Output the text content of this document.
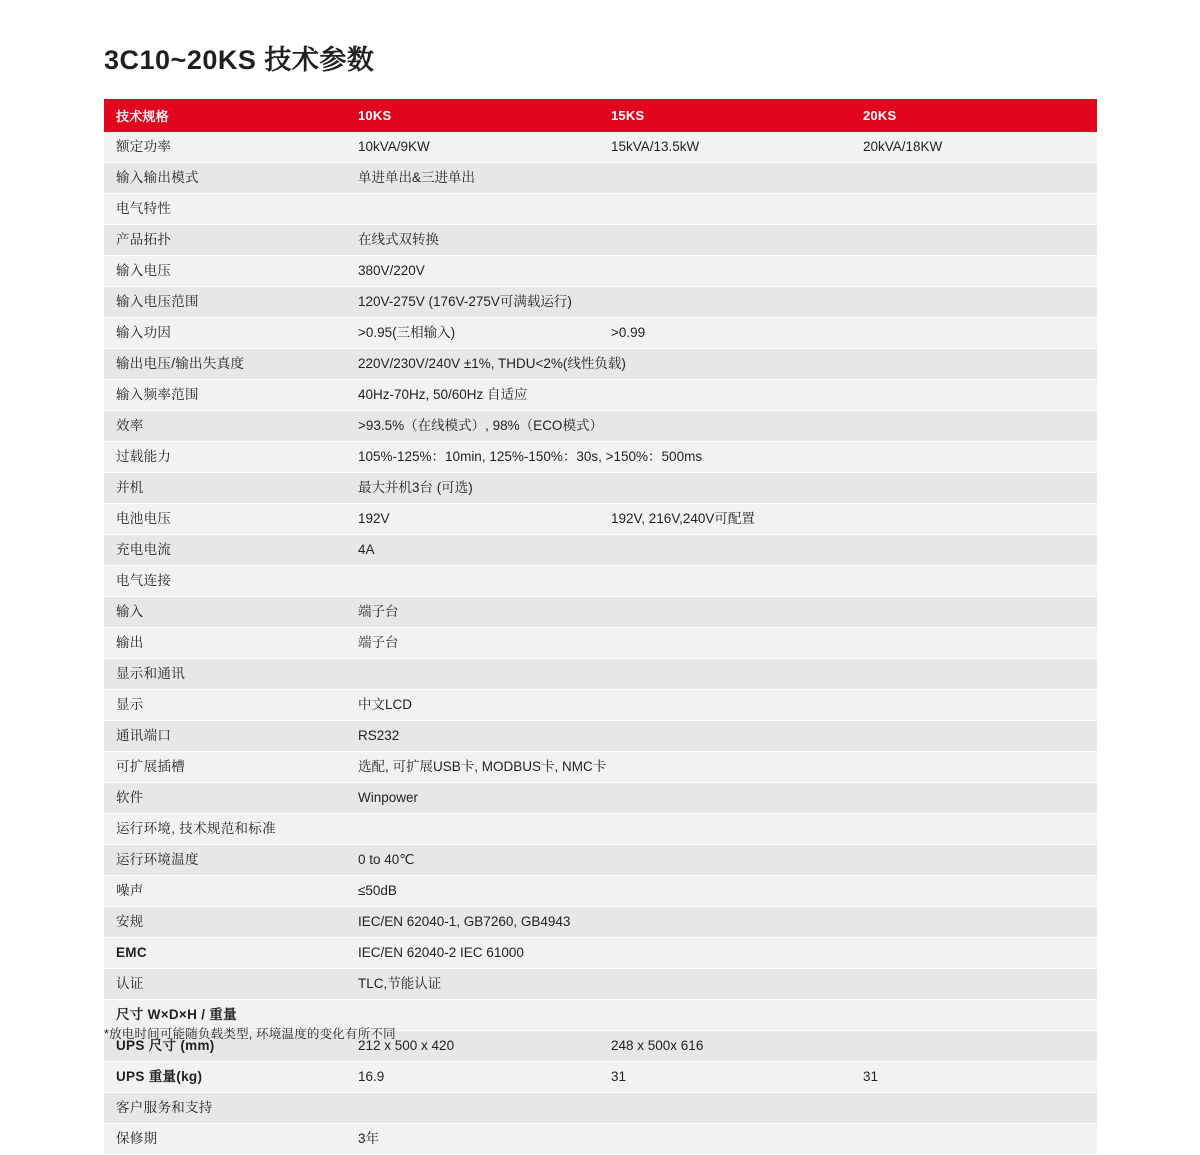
3C10~20KS 技术参数
技术规格	10KS	15KS	20KS
额定功率	10kVA/9KW	15kVA/13.5kW	20kVA/18KW
输入输出模式	单进单出&三进单出		
电气特性			
产品拓扑	在线式双转换		
输入电压	380V/220V		
输入电压范围	120V-275V (176V-275V可满载运行)		
输入功因	>0.95(三相输入)	>0.99	
输出电压/输出失真度	220V/230V/240V ±1%, THDU<2%(线性负载)		
输入频率范围	40Hz-70Hz, 50/60Hz 自适应		
效率	>93.5%（在线模式）, 98%（ECO模式）		
过载能力	105%-125%：10min, 125%-150%：30s, >150%：500ms		
并机	最大并机3台 (可选)		
电池电压	192V	192V, 216V,240V可配置	
充电电流	4A		
电气连接			
输入	端子台		
输出	端子台		
显示和通讯			
显示	中文LCD		
通讯端口	RS232		
可扩展插槽	选配, 可扩展USB卡, MODBUS卡, NMC卡		
软件	Winpower		
运行环境, 技术规范和标准			
运行环境温度	0 to 40℃		
噪声	≤50dB		
安规	IEC/EN 62040-1, GB7260, GB4943		
EMC	IEC/EN 62040-2 IEC 61000		
认证	TLC,节能认证		
尺寸 W×D×H / 重量			
UPS 尺寸 (mm)	212 x 500 x 420	248 x 500x 616	
UPS 重量(kg)	16.9	31	31
客户服务和支持			
保修期	3年		
*放电时间可能随负载类型, 环境温度的变化有所不同
